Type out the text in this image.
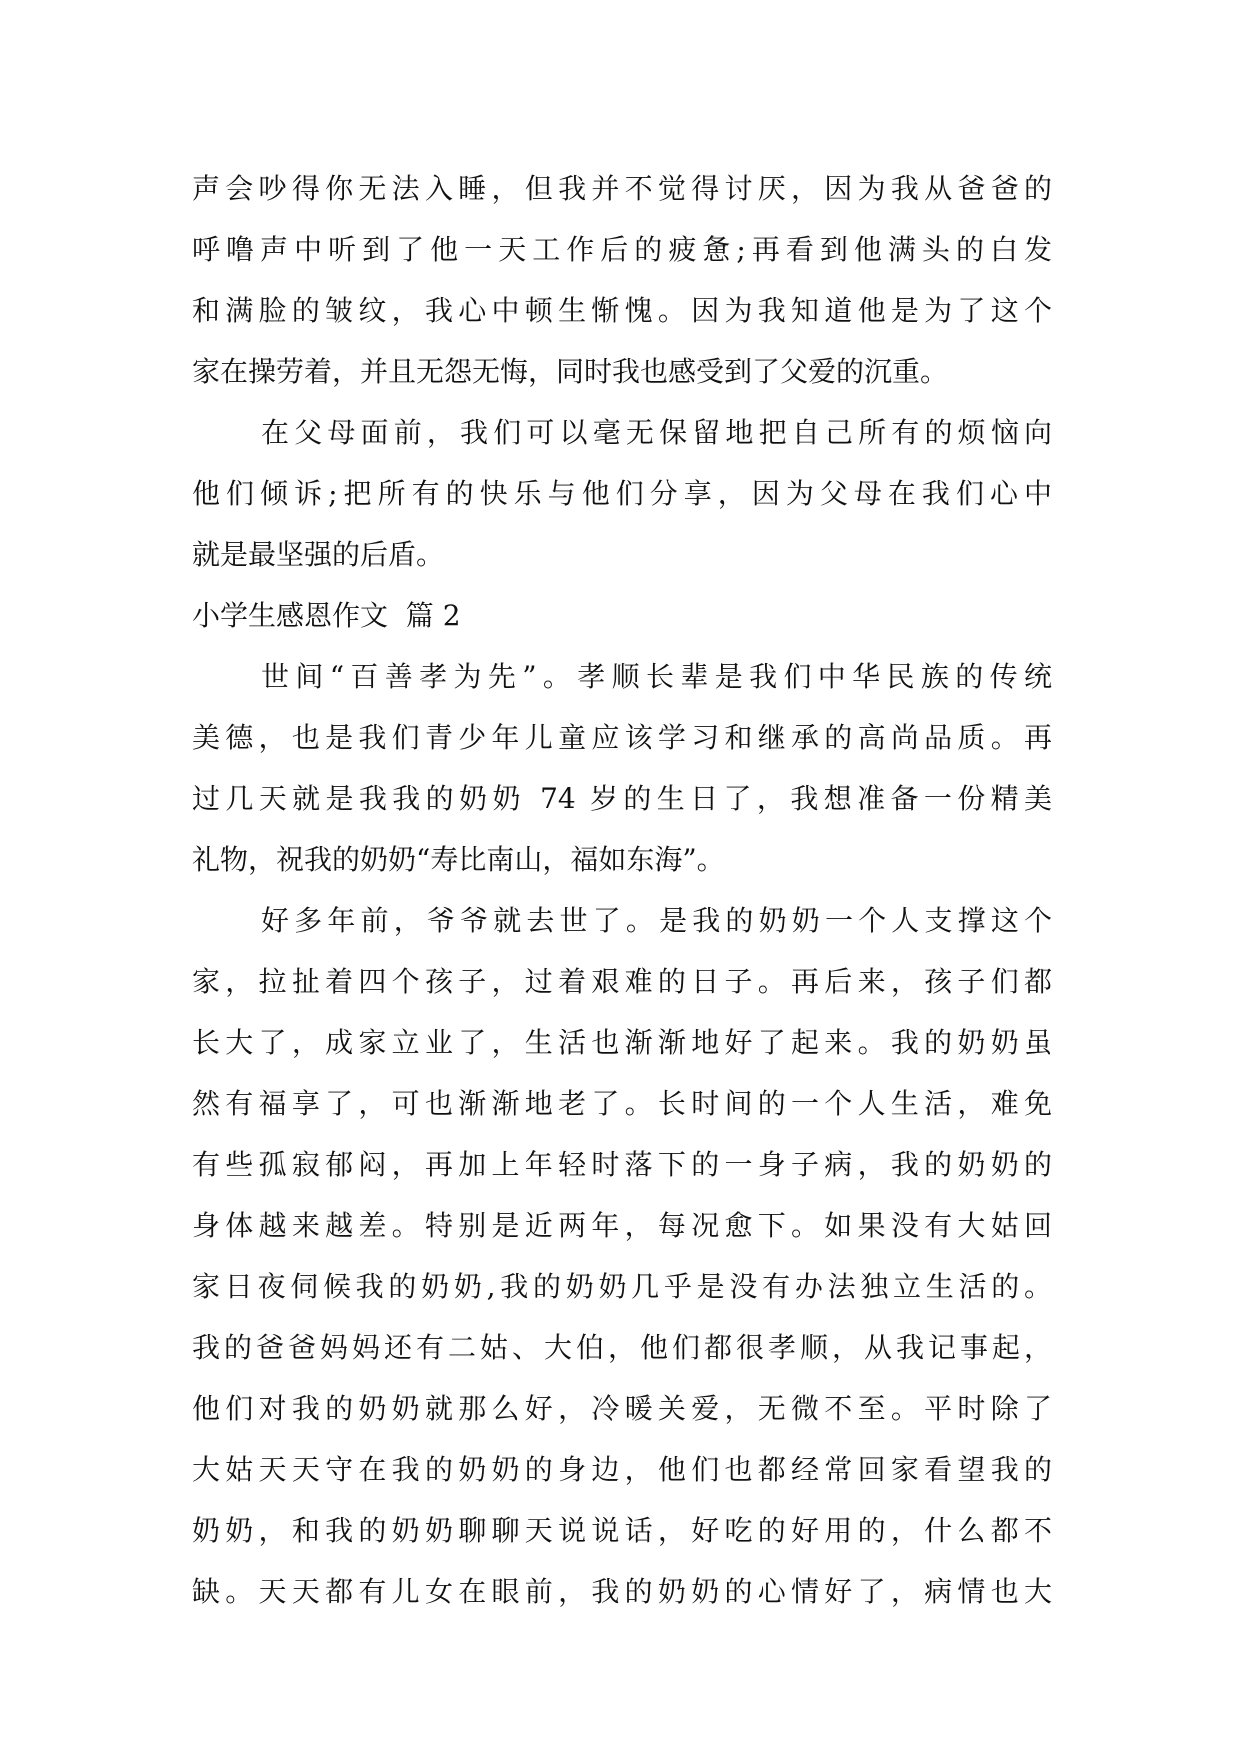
声会吵得你无法入睡，但我并不觉得讨厌，因为我从爸爸的
呼噜声中听到了他一天工作后的疲惫;再看到他满头的白发
和满脸的皱纹，我心中顿生惭愧。因为我知道他是为了这个
家在操劳着，并且无怨无悔，同时我也感受到了父爱的沉重。
在父母面前，我们可以毫无保留地把自己所有的烦恼向
他们倾诉;把所有的快乐与他们分享，因为父母在我们心中
就是最坚强的后盾。
小学生感恩作文  篇 2
世间“百善孝为先”。孝顺长辈是我们中华民族的传统
美德，也是我们青少年儿童应该学习和继承的高尚品质。再
过几天就是我我的奶奶 74 岁的生日了，我想准备一份精美
礼物，祝我的奶奶“寿比南山，福如东海”。
好多年前，爷爷就去世了。是我的奶奶一个人支撑这个
家，拉扯着四个孩子，过着艰难的日子。再后来，孩子们都
长大了，成家立业了，生活也渐渐地好了起来。我的奶奶虽
然有福享了，可也渐渐地老了。长时间的一个人生活，难免
有些孤寂郁闷，再加上年轻时落下的一身子病，我的奶奶的
身体越来越差。特别是近两年，每况愈下。如果没有大姑回
家日夜伺候我的奶奶,我的奶奶几乎是没有办法独立生活的。
我的爸爸妈妈还有二姑、大伯，他们都很孝顺，从我记事起，
他们对我的奶奶就那么好，冷暖关爱，无微不至。平时除了
大姑天天守在我的奶奶的身边，他们也都经常回家看望我的
奶奶，和我的奶奶聊聊天说说话，好吃的好用的，什么都不
缺。天天都有儿女在眼前，我的奶奶的心情好了，病情也大
